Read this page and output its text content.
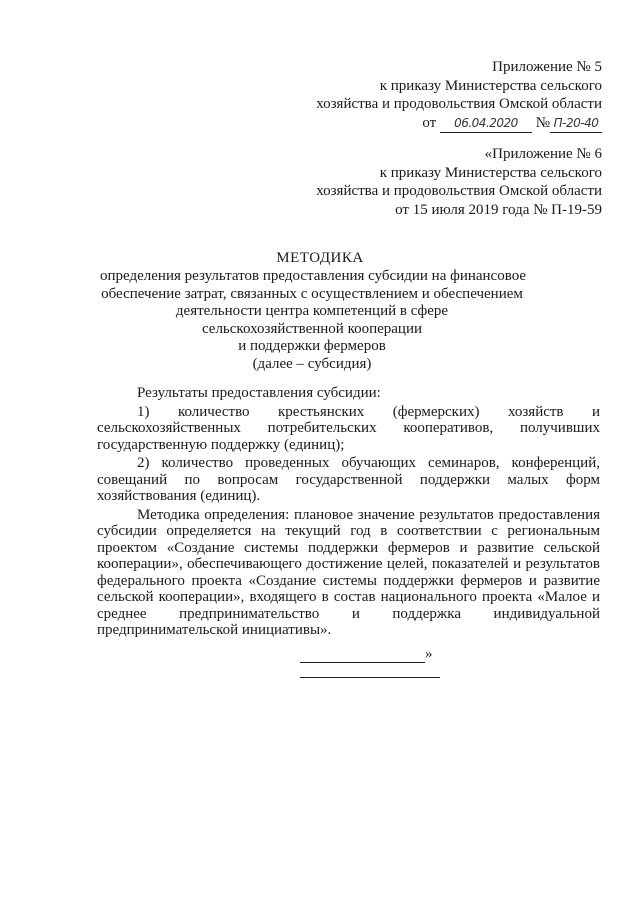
Приложение № 5
к приказу Министерства сельского
хозяйства и продовольствия Омской области
от 06.04.2020 № П-20-40
«Приложение № 6
к приказу Министерства сельского
хозяйства и продовольствия Омской области
от 15 июля 2019 года № П-19-59
МЕТОДИКА
определения результатов предоставления субсидии на финансовое
обеспечение затрат, связанных с осуществлением и обеспечением
деятельности центра компетенций в сфере
сельскохозяйственной кооперации
и поддержки фермеров
(далее – субсидия)
Результаты предоставления субсидии:
1) количество крестьянских (фермерских) хозяйств и сельскохозяйственных потребительских кооперативов, получивших государственную поддержку (единиц);
2) количество проведенных обучающих семинаров, конференций, совещаний по вопросам государственной поддержки малых форм хозяйствования (единиц).
Методика определения: плановое значение результатов предоставления субсидии определяется на текущий год в соответствии с региональным проектом «Создание системы поддержки фермеров и развитие сельской кооперации», обеспечивающего достижение целей, показателей и результатов федерального проекта «Создание системы поддержки фермеров и развитие сельской кооперации», входящего в состав национального проекта «Малое и среднее предпринимательство и поддержка индивидуальной предпринимательской инициативы».
»
